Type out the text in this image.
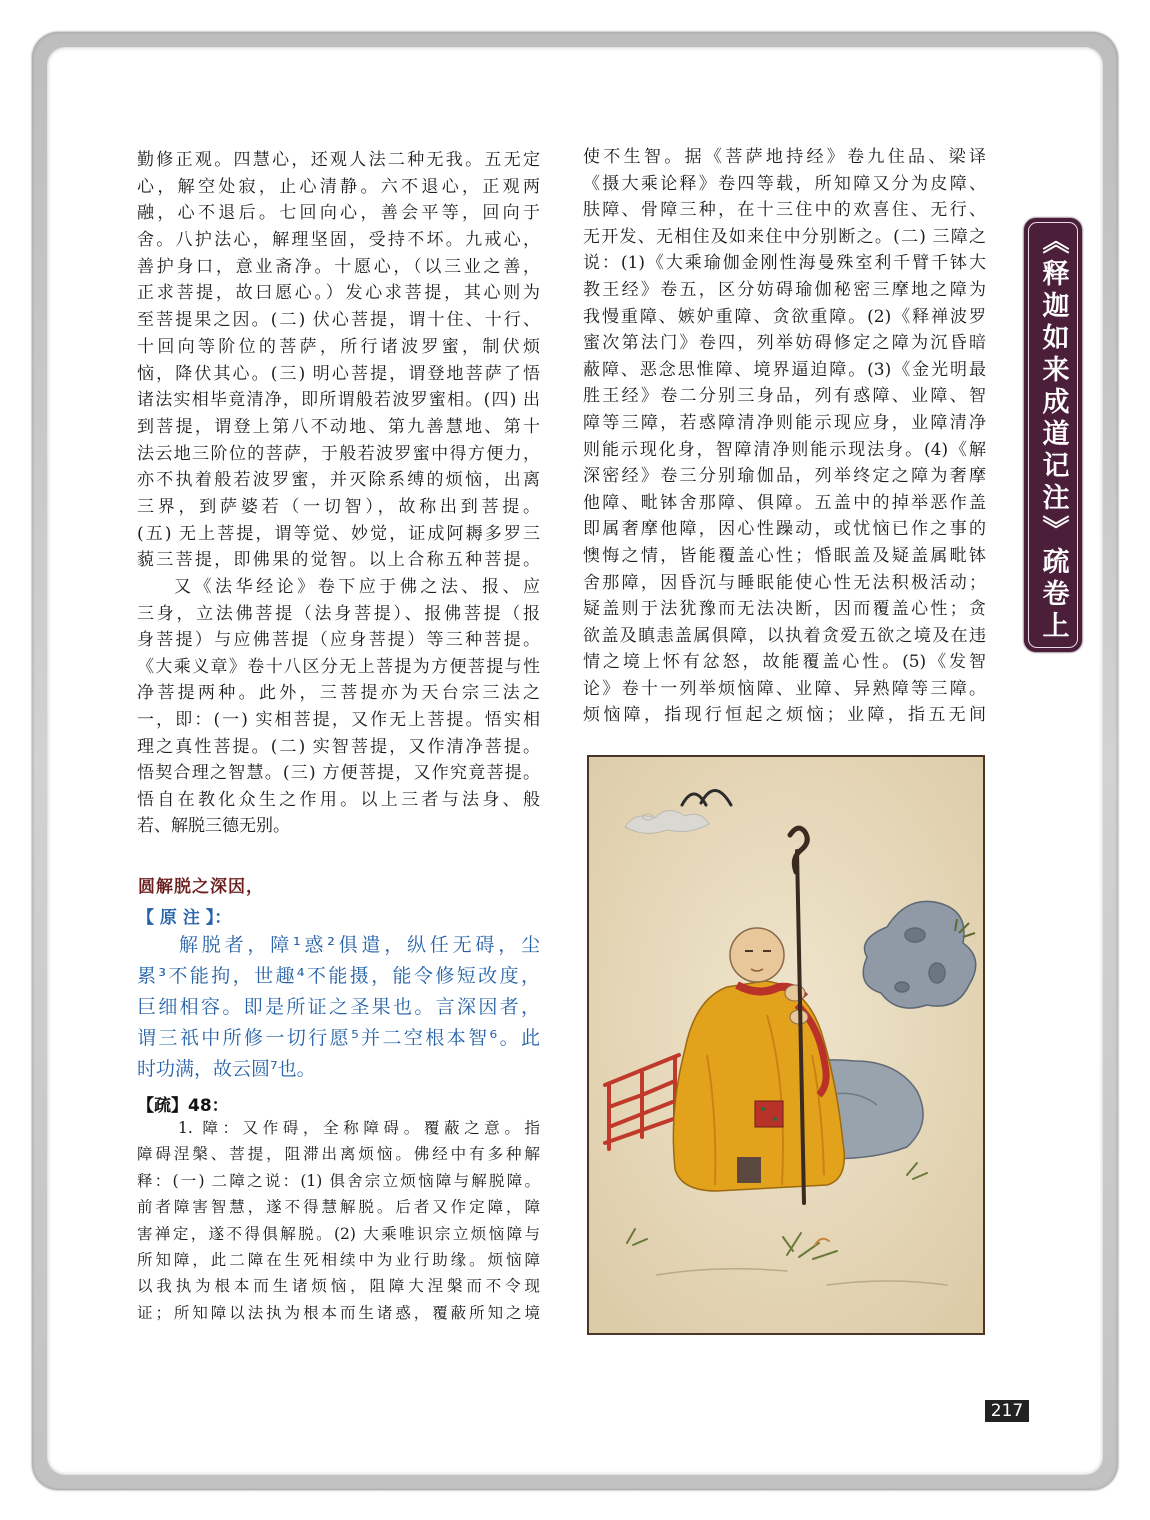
勤修正观。四慧心，还观人法二种无我。五无定
心，解空处寂，止心清静。六不退心，正观两
融，心不退后。七回向心，善会平等，回向于
舍。八护法心，解理坚固，受持不坏。九戒心，
善护身口，意业斋净。十愿心，（以三业之善，
正求菩提，故曰愿心。）发心求菩提，其心则为
至菩提果之因。(二) 伏心菩提，谓十住、十行、
十回向等阶位的菩萨，所行诸波罗蜜，制伏烦
恼，降伏其心。(三) 明心菩提，谓登地菩萨了悟
诸法实相毕竟清净，即所谓般若波罗蜜相。(四) 出
到菩提，谓登上第八不动地、第九善慧地、第十
法云地三阶位的菩萨，于般若波罗蜜中得方便力，
亦不执着般若波罗蜜，并灭除系缚的烦恼，出离
三界，到萨婆若（一切智），故称出到菩提。
(五) 无上菩提，谓等觉、妙觉，证成阿耨多罗三
藐三菩提，即佛果的觉智。以上合称五种菩提。
又《法华经论》卷下应于佛之法、报、应
三身，立法佛菩提（法身菩提）、报佛菩提（报
身菩提）与应佛菩提（应身菩提）等三种菩提。
《大乘义章》卷十八区分无上菩提为方便菩提与性
净菩提两种。此外，三菩提亦为天台宗三法之
一，即：(一) 实相菩提，又作无上菩提。悟实相
理之真性菩提。(二) 实智菩提，又作清净菩提。
悟契合理之智慧。(三) 方便菩提，又作究竟菩提。
悟自在教化众生之作用。以上三者与法身、般
若、解脱三德无别。
圆解脱之深因，
【 原 注 】：
解脱者，障¹惑²俱遣，纵任无碍，尘
累³不能拘，世趣⁴不能摄，能令修短改度，
巨细相容。即是所证之圣果也。言深因者，
谓三祇中所修一切行愿⁵并二空根本智⁶。此
时功满，故云圆⁷也。
【疏】48：
1. 障：又作碍，全称障碍。覆蔽之意。指
障碍涅槃、菩提，阻滞出离烦恼。佛经中有多种解
释：(一) 二障之说：(1) 俱舍宗立烦恼障与解脱障。
前者障害智慧，遂不得慧解脱。后者又作定障，障
害禅定，遂不得俱解脱。(2) 大乘唯识宗立烦恼障与
所知障，此二障在生死相续中为业行助缘。烦恼障
以我执为根本而生诸烦恼，阻障大涅槃而不令现
证；所知障以法执为根本而生诸惑，覆蔽所知之境
使不生智。据《菩萨地持经》卷九住品、梁译
《摄大乘论释》卷四等载，所知障又分为皮障、
肤障、骨障三种，在十三住中的欢喜住、无行、
无开发、无相住及如来住中分别断之。(二) 三障之
说：(1)《大乘瑜伽金刚性海曼殊室利千臂千钵大
教王经》卷五，区分妨碍瑜伽秘密三摩地之障为
我慢重障、嫉妒重障、贪欲重障。(2)《释禅波罗
蜜次第法门》卷四，列举妨碍修定之障为沉昏暗
蔽障、恶念思惟障、境界逼迫障。(3)《金光明最
胜王经》卷二分别三身品，列有惑障、业障、智
障等三障，若惑障清净则能示现应身，业障清净
则能示现化身，智障清净则能示现法身。(4)《解
深密经》卷三分别瑜伽品，列举终定之障为奢摩
他障、毗钵舍那障、俱障。五盖中的掉举恶作盖
即属奢摩他障，因心性躁动，或忧恼已作之事的
懊悔之情，皆能覆盖心性；惛眠盖及疑盖属毗钵
舍那障，因昏沉与睡眠能使心性无法积极活动；
疑盖则于法犹豫而无法决断，因而覆盖心性；贪
欲盖及瞋恚盖属俱障，以执着贪爱五欲之境及在违
情之境上怀有忿怒，故能覆盖心性。(5)《发智
论》卷十一列举烦恼障、业障、异熟障等三障。
烦恼障，指现行恒起之烦恼；业障，指五无间
《释迦如来成道记注》疏卷上
217
